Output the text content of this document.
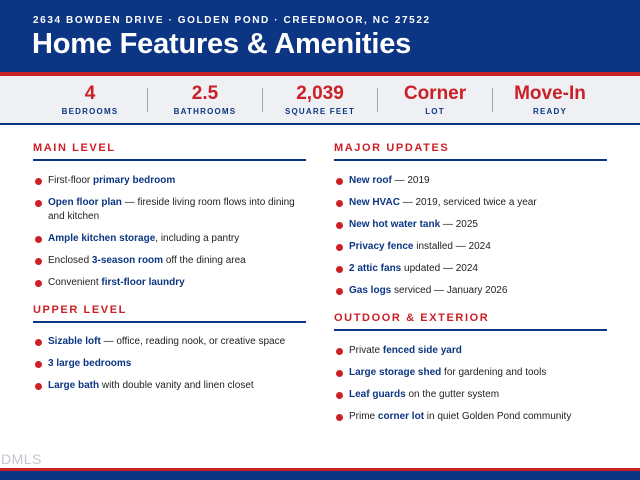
2634 BOWDEN DRIVE · GOLDEN POND · CREEDMOOR, NC 27522
Home Features & Amenities
4
BEDROOMS
2.5
BATHROOMS
2,039
SQUARE FEET
Corner
LOT
Move-In
READY
MAIN LEVEL
First-floor primary bedroom
Open floor plan — fireside living room flows into dining and kitchen
Ample kitchen storage, including a pantry
Enclosed 3-season room off the dining area
Convenient first-floor laundry
UPPER LEVEL
Sizable loft — office, reading nook, or creative space
3 large bedrooms
Large bath with double vanity and linen closet
MAJOR UPDATES
New roof — 2019
New HVAC — 2019, serviced twice a year
New hot water tank — 2025
Privacy fence installed — 2024
2 attic fans updated — 2024
Gas logs serviced — January 2026
OUTDOOR & EXTERIOR
Private fenced side yard
Large storage shed for gardening and tools
Leaf guards on the gutter system
Prime corner lot in quiet Golden Pond community
DMLS
